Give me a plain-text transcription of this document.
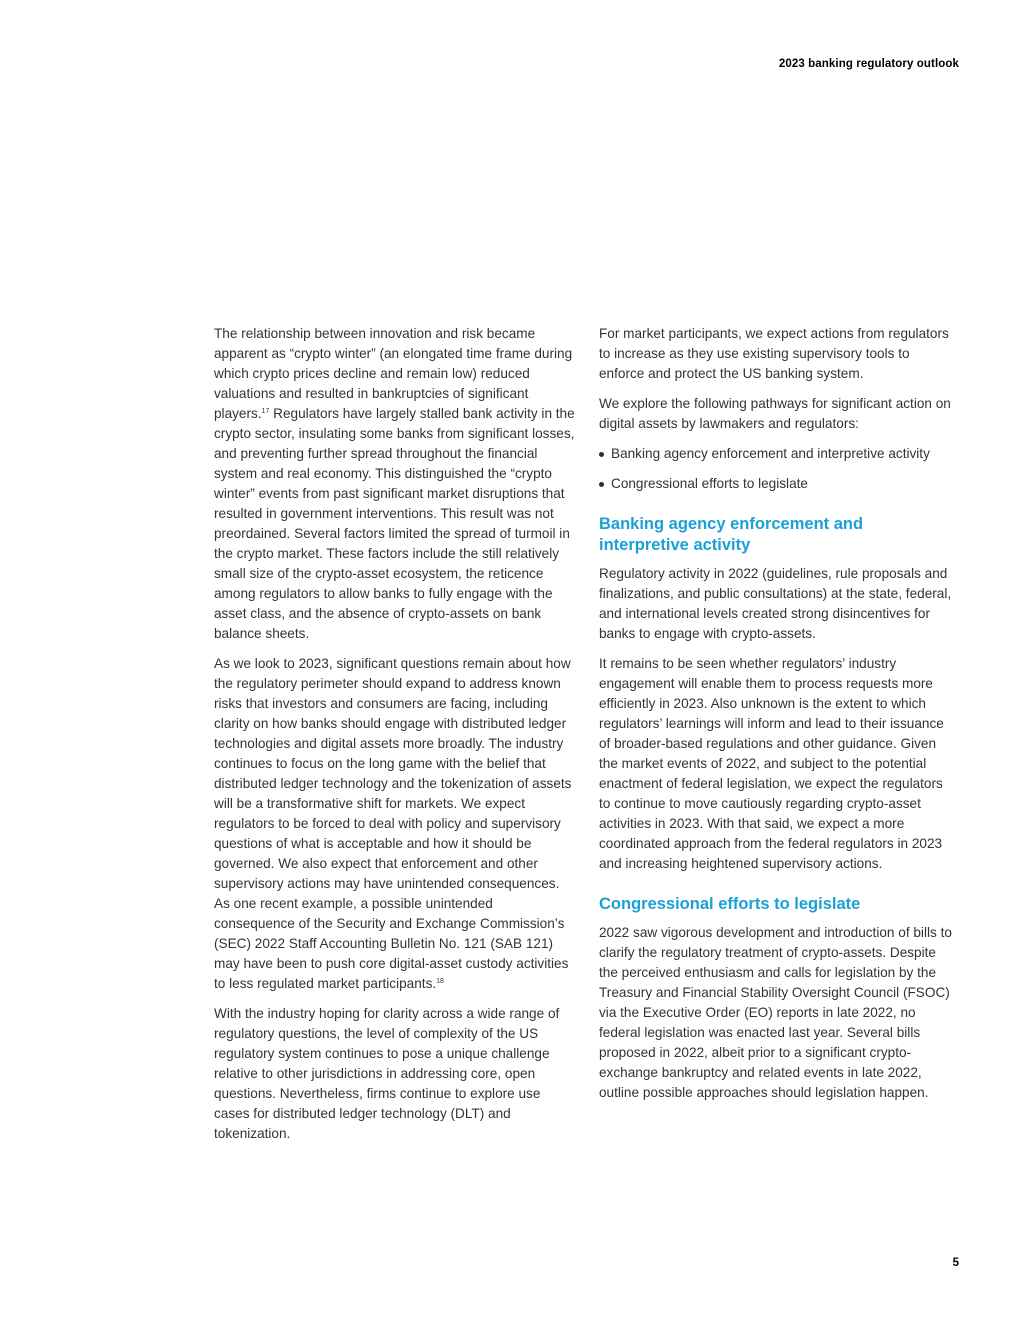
2023 banking regulatory outlook

The relationship between innovation and risk became apparent as “crypto winter” (an elongated time frame during which crypto prices decline and remain low) reduced valuations and resulted in bankruptcies of significant players.$^{17}$ Regulators have largely stalled bank activity in the crypto sector, insulating some banks from significant losses, and preventing further spread throughout the financial system and real economy. This distinguished the “crypto winter” events from past significant market disruptions that resulted in government interventions. This result was not preordained. Several factors limited the spread of turmoil in the crypto market. These factors include the still relatively small size of the crypto-asset ecosystem, the reticence among regulators to allow banks to fully engage with the asset class, and the absence of crypto-assets on bank balance sheets.

As we look to 2023, significant questions remain about how the regulatory perimeter should expand to address known risks that investors and consumers are facing, including clarity on how banks should engage with distributed ledger technologies and digital assets more broadly. The industry continues to focus on the long game with the belief that distributed ledger technology and the tokenization of assets will be a transformative shift for markets. We expect regulators to be forced to deal with policy and supervisory questions of what is acceptable and how it should be governed. We also expect that enforcement and other supervisory actions may have unintended consequences. As one recent example, a possible unintended consequence of the Security and Exchange Commission’s (SEC) 2022 Staff Accounting Bulletin No. 121 (SAB 121) may have been to push core digital-asset custody activities to less regulated market participants.$^{18}$

With the industry hoping for clarity across a wide range of regulatory questions, the level of complexity of the US regulatory system continues to pose a unique challenge relative to other jurisdictions in addressing core, open questions. Nevertheless, firms continue to explore use cases for distributed ledger technology (DLT) and tokenization.

For market participants, we expect actions from regulators to increase as they use existing supervisory tools to enforce and protect the US banking system.

We explore the following pathways for significant action on digital assets by lawmakers and regulators:

Banking agency enforcement and interpretive activity
Congressional efforts to legislate
Banking agency enforcement and interpretive activity

Regulatory activity in 2022 (guidelines, rule proposals and finalizations, and public consultations) at the state, federal, and international levels created strong disincentives for banks to engage with crypto-assets.

It remains to be seen whether regulators’ industry engagement will enable them to process requests more efficiently in 2023. Also unknown is the extent to which regulators’ learnings will inform and lead to their issuance of broader-based regulations and other guidance. Given the market events of 2022, and subject to the potential enactment of federal legislation, we expect the regulators to continue to move cautiously regarding crypto-asset activities in 2023. With that said, we expect a more coordinated approach from the federal regulators in 2023 and increasing heightened supervisory actions.

Congressional efforts to legislate

2022 saw vigorous development and introduction of bills to clarify the regulatory treatment of crypto-assets. Despite the perceived enthusiasm and calls for legislation by the Treasury and Financial Stability Oversight Council (FSOC) via the Executive Order (EO) reports in late 2022, no federal legislation was enacted last year. Several bills proposed in 2022, albeit prior to a significant crypto-exchange bankruptcy and related events in late 2022, outline possible approaches should legislation happen.

5
